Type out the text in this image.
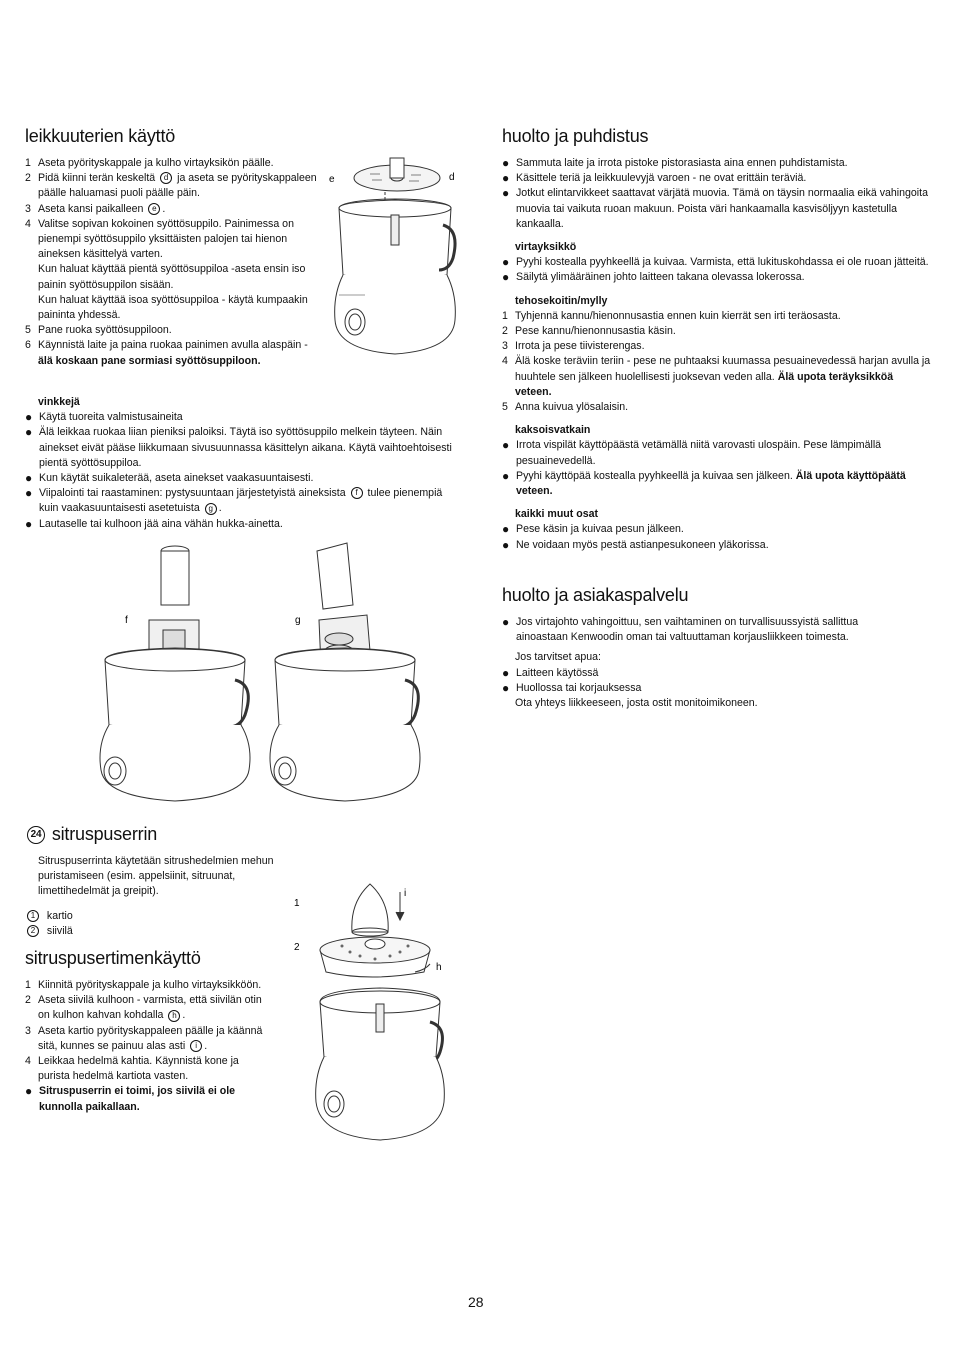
leikkuuterien käyttö
1 Aseta pyörityskappale ja kulho virtayksikön päälle.
2 Pidä kiinni terän keskeltä d ja aseta se pyörityskappaleen päälle haluamasi puoli päälle päin.
3 Aseta kansi paikalleen e .
4 Valitse sopivan kokoinen syöttösuppilo. Painimessa on pienempi syöttösuppilo yksittäisten palojen tai hienon aineksen käsittelyä varten.
Kun haluat käyttää pientä syöttösuppiloa -aseta ensin iso painin syöttösuppilon sisään.
Kun haluat käyttää isoa syöttösuppiloa - käytä kumpaakin paininta yhdessä.
5 Pane ruoka syöttösuppiloon.
6 Käynnistä laite ja paina ruokaa painimen avulla alaspäin - älä koskaan pane sormiasi syöttösuppiloon.
vinkkejä
● Käytä tuoreita valmistusaineita
● Älä leikkaa ruokaa liian pieniksi paloiksi. Täytä iso syöttösuppilo melkein täyteen. Näin ainekset eivät pääse liikkumaan sivusuunnassa käsittelyn aikana. Käytä vaihtoehtoisesti pientä syöttösuppiloa.
● Kun käytät suikaleterää, aseta ainekset vaakasuuntaisesti.
● Viipalointi tai raastaminen: pystysuuntaan järjestetyistä aineksista f tulee pienempiä kuin vaakasuuntaisesti asetetuista g .
● Lautaselle tai kulhoon jää aina vähän hukka-ainetta.
24 sitruspuserrin
Sitruspuserrinta käytetään sitrushedelmien mehun puristamiseen (esim. appelsiinit, sitruunat, limettihedelmät ja greipit).
1 kartio
2 siivilä
sitruspusertimenkäyttö
1 Kiinnitä pyörityskappale ja kulho virtayksikköön.
2 Aseta siivilä kulhoon - varmista, että siivilän otin on kulhon kahvan kohdalla h .
3 Aseta kartio pyörityskappaleen päälle ja käännä sitä, kunnes se painuu alas asti i .
4 Leikkaa hedelmä kahtia. Käynnistä kone ja purista hedelmä kartiota vasten.
● Sitruspuserrin ei toimi, jos siivilä ei ole kunnolla paikallaan.
huolto ja puhdistus
● Sammuta laite ja irrota pistoke pistorasiasta aina ennen puhdistamista.
● Käsittele teriä ja leikkuulevyjä varoen - ne ovat erittäin teräviä.
● Jotkut elintarvikkeet saattavat värjätä muovia. Tämä on täysin normaalia eikä vahingoita muovia tai vaikuta ruoan makuun. Poista väri hankaamalla kasvisöljyyn kastetulla kankaalla.
virtayksikkö
● Pyyhi kostealla pyyhkeellä ja kuivaa. Varmista, että lukituskohdassa ei ole ruoan jätteitä.
● Säilytä ylimääräinen johto laitteen takana olevassa lokerossa.
tehosekoitin/mylly
1 Tyhjennä kannu/hienonnusastia ennen kuin kierrät sen irti teräosasta.
2 Pese kannu/hienonnusastia käsin.
3 Irrota ja pese tiivisterengas.
4 Älä koske teräviin teriin - pese ne puhtaaksi kuumassa pesuainevedessä harjan avulla ja huuhtele sen jälkeen huolellisesti juoksevan veden alla. Älä upota teräyksikköä veteen.
5 Anna kuivua ylösalaisin.
kaksoisvatkain
● Irrota vispilät käyttöpäästä vetämällä niitä varovasti ulospäin. Pese lämpimällä pesuainevedellä.
● Pyyhi käyttöpää kostealla pyyhkeellä ja kuivaa sen jälkeen. Älä upota käyttöpäätä veteen.
kaikki muut osat
● Pese käsin ja kuivaa pesun jälkeen.
● Ne voidaan myös pestä astianpesukoneen yläkorissa.
huolto ja asiakaspalvelu
● Jos virtajohto vahingoittuu, sen vaihtaminen on turvallisuussyistä sallittua ainoastaan Kenwoodin oman tai valtuuttaman korjausliikkeen toimesta.
Jos tarvitset apua:
● Laitteen käytössä
● Huollossa tai korjauksessa
Ota yhteys liikkeeseen, josta ostit monitoimikoneen.
e	d
f	g
1
2
i
h
28
